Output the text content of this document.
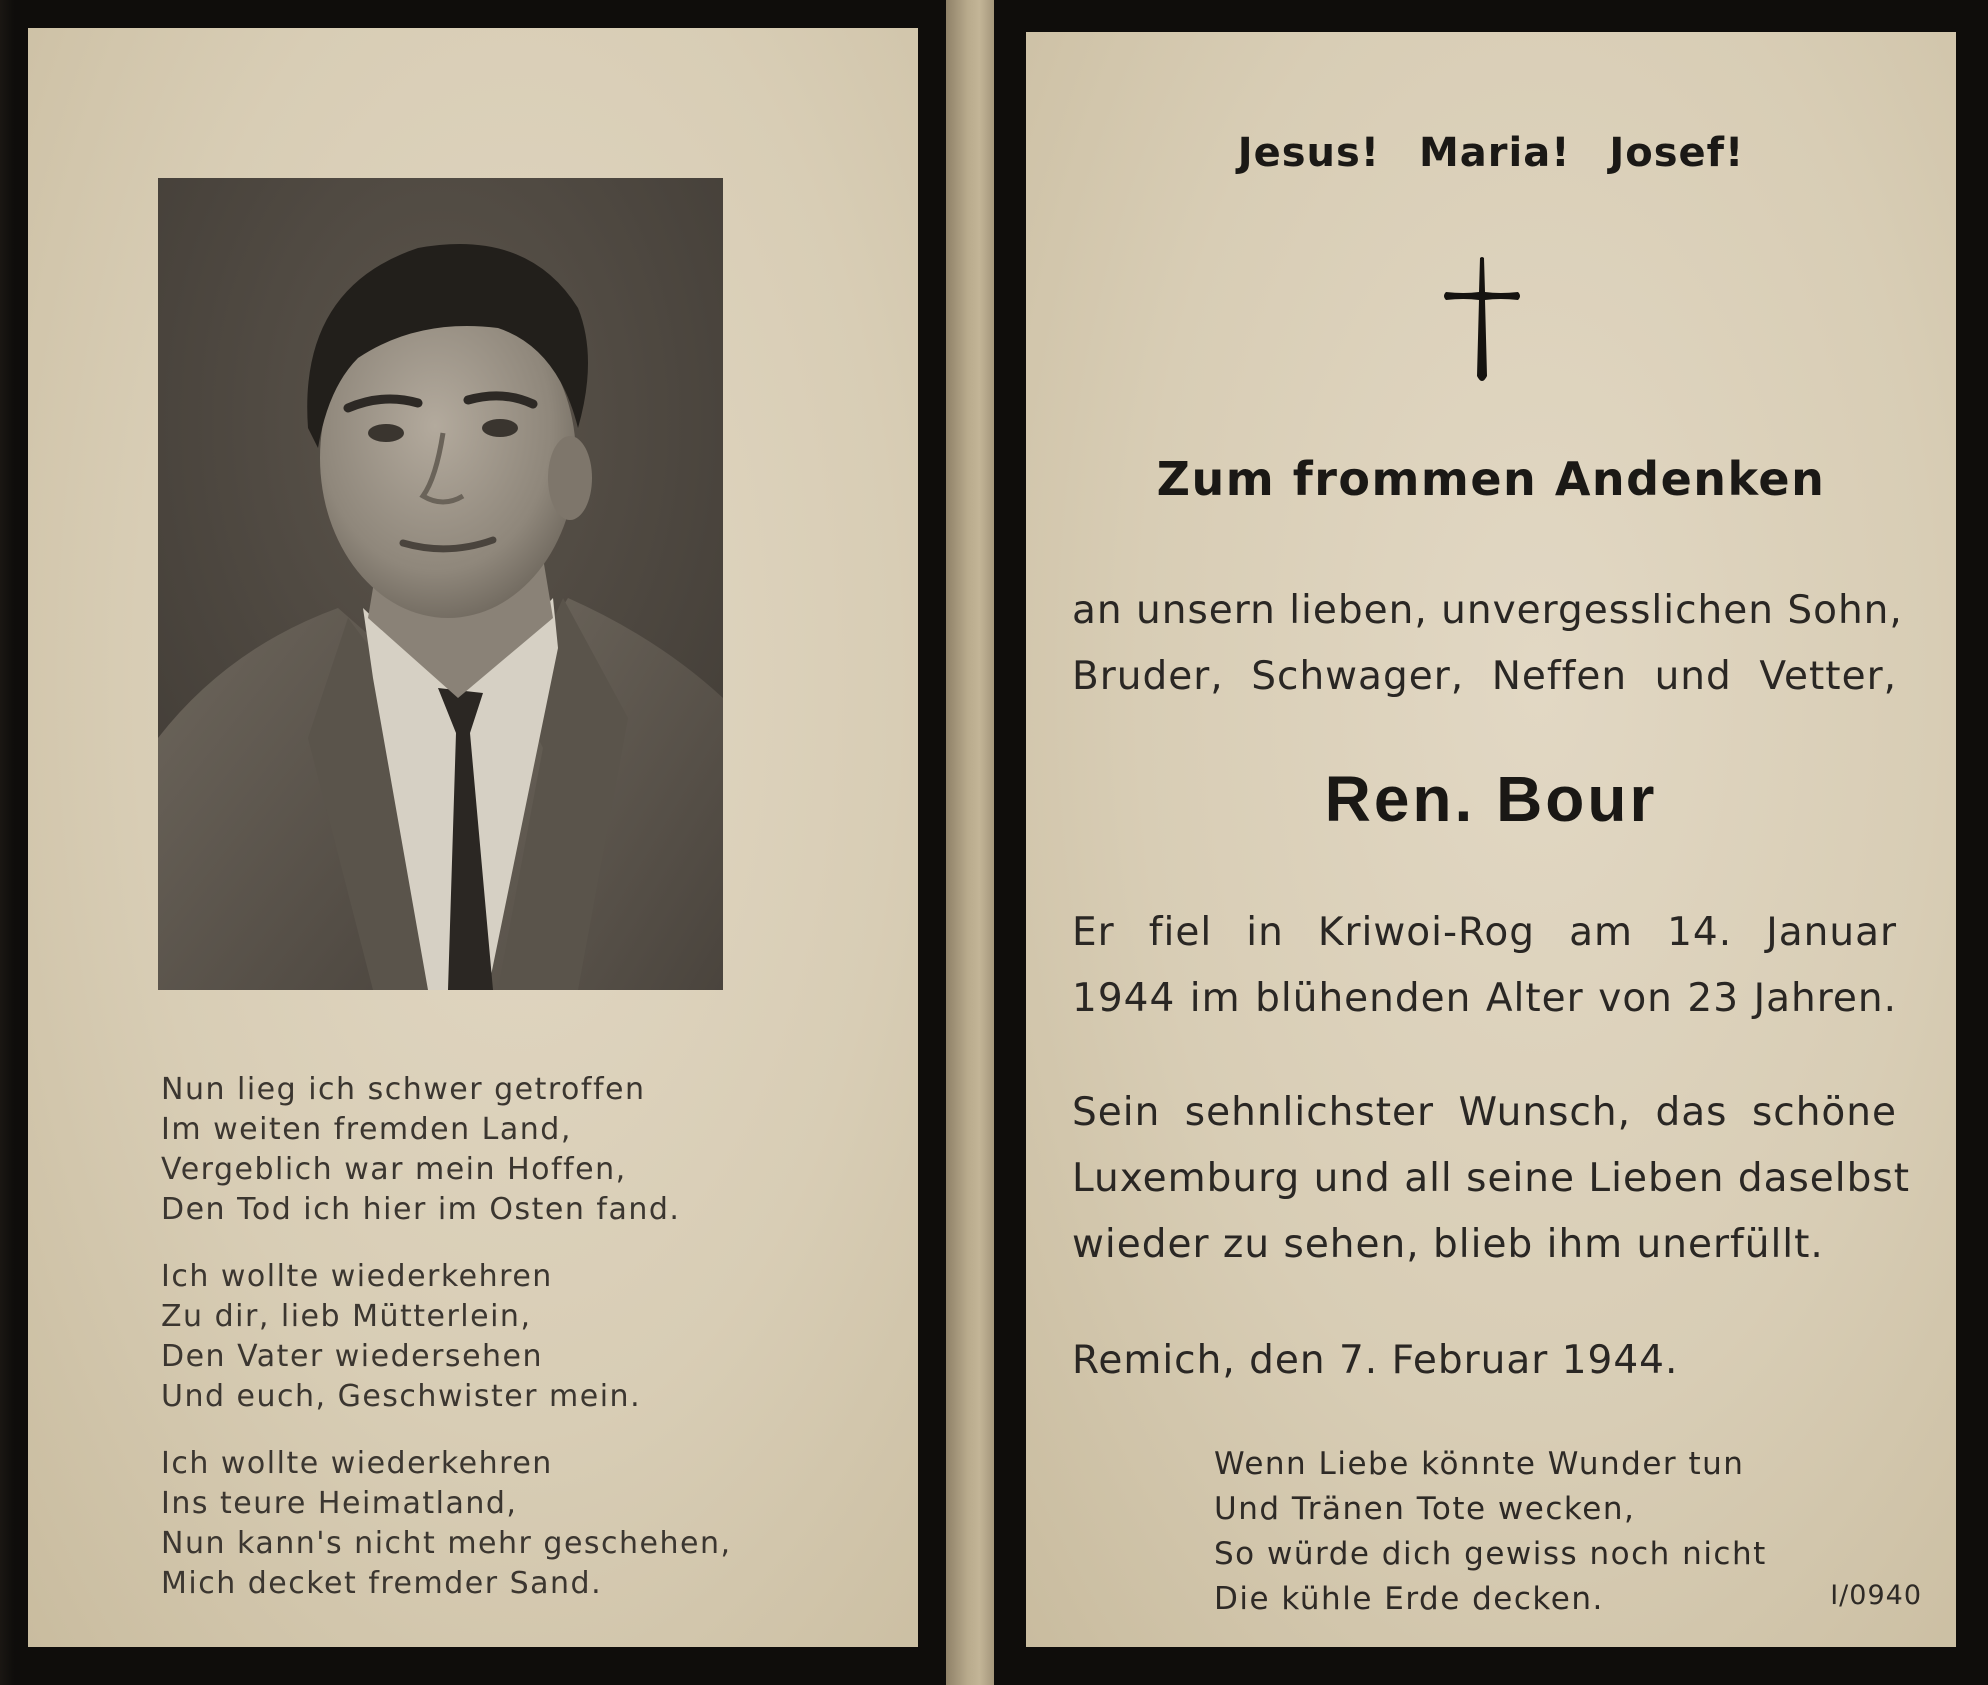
Nun lieg ich schwer getroffen
Im weiten fremden Land,
Vergeblich war mein Hoffen,
Den Tod ich hier im Osten fand.
Ich wollte wiederkehren
Zu dir, lieb Mütterlein,
Den Vater wiedersehen
Und euch, Geschwister mein.
Ich wollte wiederkehren
Ins teure Heimatland,
Nun kann's nicht mehr geschehen,
Mich decket fremder Sand.
Jesus! Maria! Josef!
Zum frommen Andenken
an unsern lieben, unvergesslichen Sohn,
Bruder, Schwager, Neffen und Vetter,
Ren. Bour
Er fiel in Kriwoi-Rog am 14. Januar
1944 im blühenden Alter von 23 Jahren.
Sein sehnlichster Wunsch, das schöne
Luxemburg und all seine Lieben daselbst
wieder zu sehen, blieb ihm unerfüllt.
Remich, den 7. Februar 1944.
Wenn Liebe könnte Wunder tun
Und Tränen Tote wecken,
So würde dich gewiss noch nicht
Die kühle Erde decken.	I/0940
